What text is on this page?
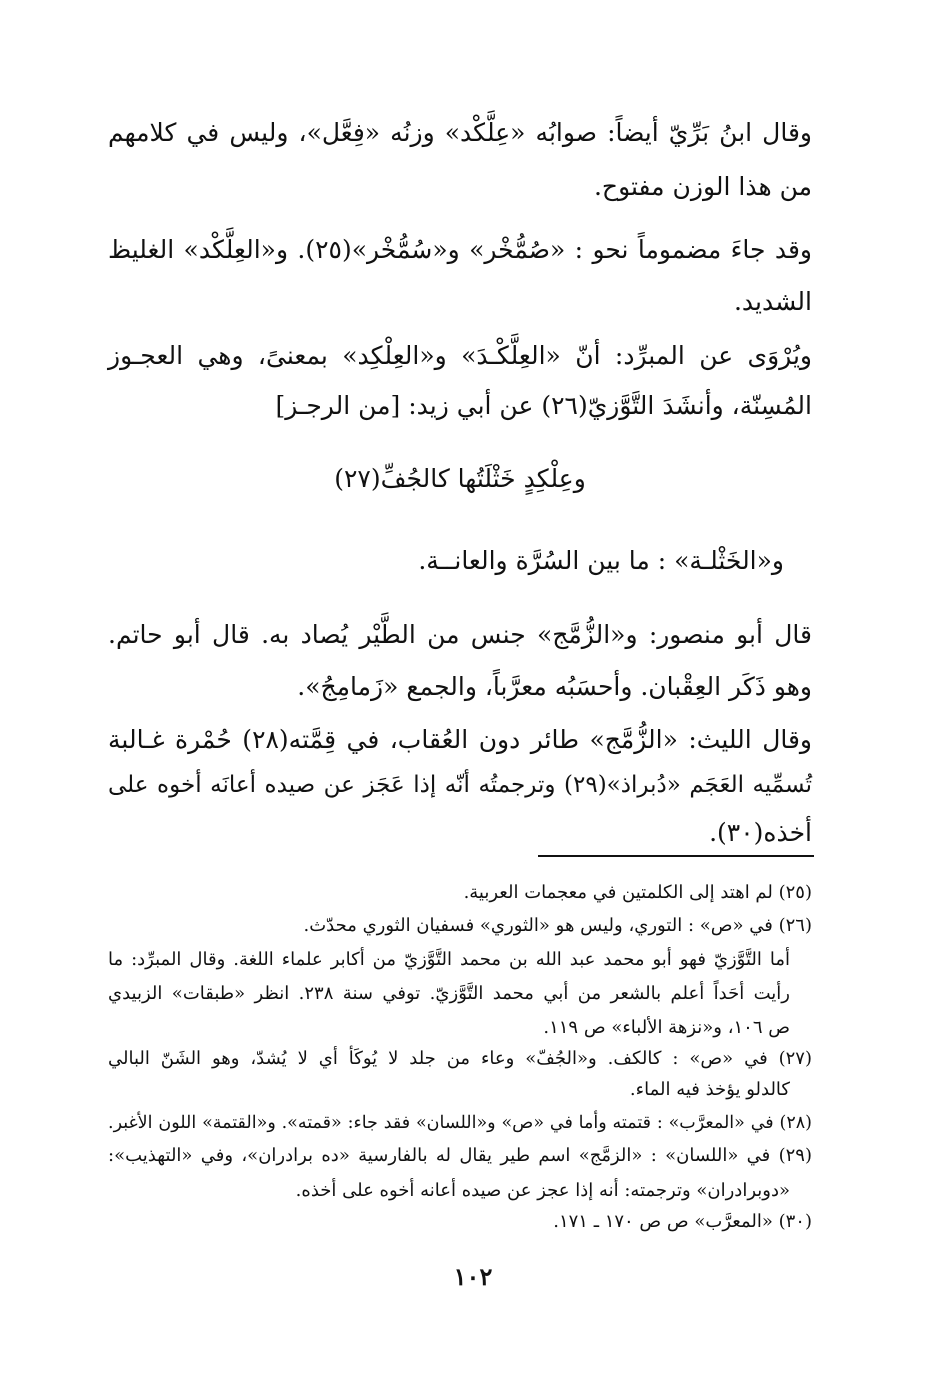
وقال ابنُ بَرِّيّ أيضاً: صوابُه «عِلَّكْد» وزنُه «فِعَّل»، وليس في كلامهم
من هذا الوزن مفتوح.
وقد جاءَ مضموماً نحو : «صُمُّخْر» و«سُمُّخْر»(٢٥). و«العِلَّكْد» الغليظ
الشديد.
ويُرْوَى عن المبرِّد: أنّ «العِلَّكْـدَ» و«العِلْكِد» بمعنىً، وهي العجـوز
المُسِنّة، وأنشَدَ التَّوَّزيّ(٢٦) عن أبي زيد: [من الرجـز]
وعِلْكِدٍ خَثْلَتُها كالجُفِّ(٢٧)
و«الخَثْلـة» : ما بين السُرَّة والعانــة.
قال أبو منصور: و«الزُّمَّج» جنس من الطَّيْر يُصاد به. قال أبو حاتم.
وهو ذَكَر العِقْبان. وأحسَبُه معرَّباً، والجمع «زَمامِجُ».
وقال الليث: «الزُّمَّج» طائر دون العُقاب، في قِمَّته(٢٨) حُمْرة غـالبة
تُسمِّيه العَجَم «دُبراذ»(٢٩) وترجمتُه أنّه إذا عَجَز عن صيده أعانَه أخوه على
أخذه(٣٠).
(٢٥) لم اهتد إلى الكلمتين في معجمات العربية.
(٢٦) في «ص» : التوري، وليس هو «الثوري» فسفيان الثوري محدّث.
أما التَّوَّزيّ فهو أبو محمد عبد الله بن محمد التَّوَّزيّ من أكابر علماء اللغة. وقال المبرِّد: ما
رأيت أحَداً أعلم بالشعر من أبي محمد التَّوَّزيّ. توفي سنة ٢٣٨. انظر «طبقات» الزبيدي
ص ١٠٦، و«نزهة الألباء» ص ١١٩.
(٢٧) في «ص» : كالكف. و«الجُفّ» وعاء من جلد لا يُوكَأ أي لا يُشدّ، وهو الشَنّ البالي
كالدلو يؤخذ فيه الماء.
(٢٨) في «المعرَّب» : قتمته وأما في «ص» و«اللسان» فقد جاء: «قمته». و«القتمة» اللون الأغبر.
(٢٩) في «اللسان» : «الزمَّج» اسم طير يقال له بالفارسية «ده برادران»، وفي «التهذيب»:
«دوبرادران» وترجمته: أنه إذا عجز عن صيده أعانه أخوه على أخذه.
(٣٠) «المعرَّب» ص ص ١٧٠ ـ ١٧١.
١٠٢
